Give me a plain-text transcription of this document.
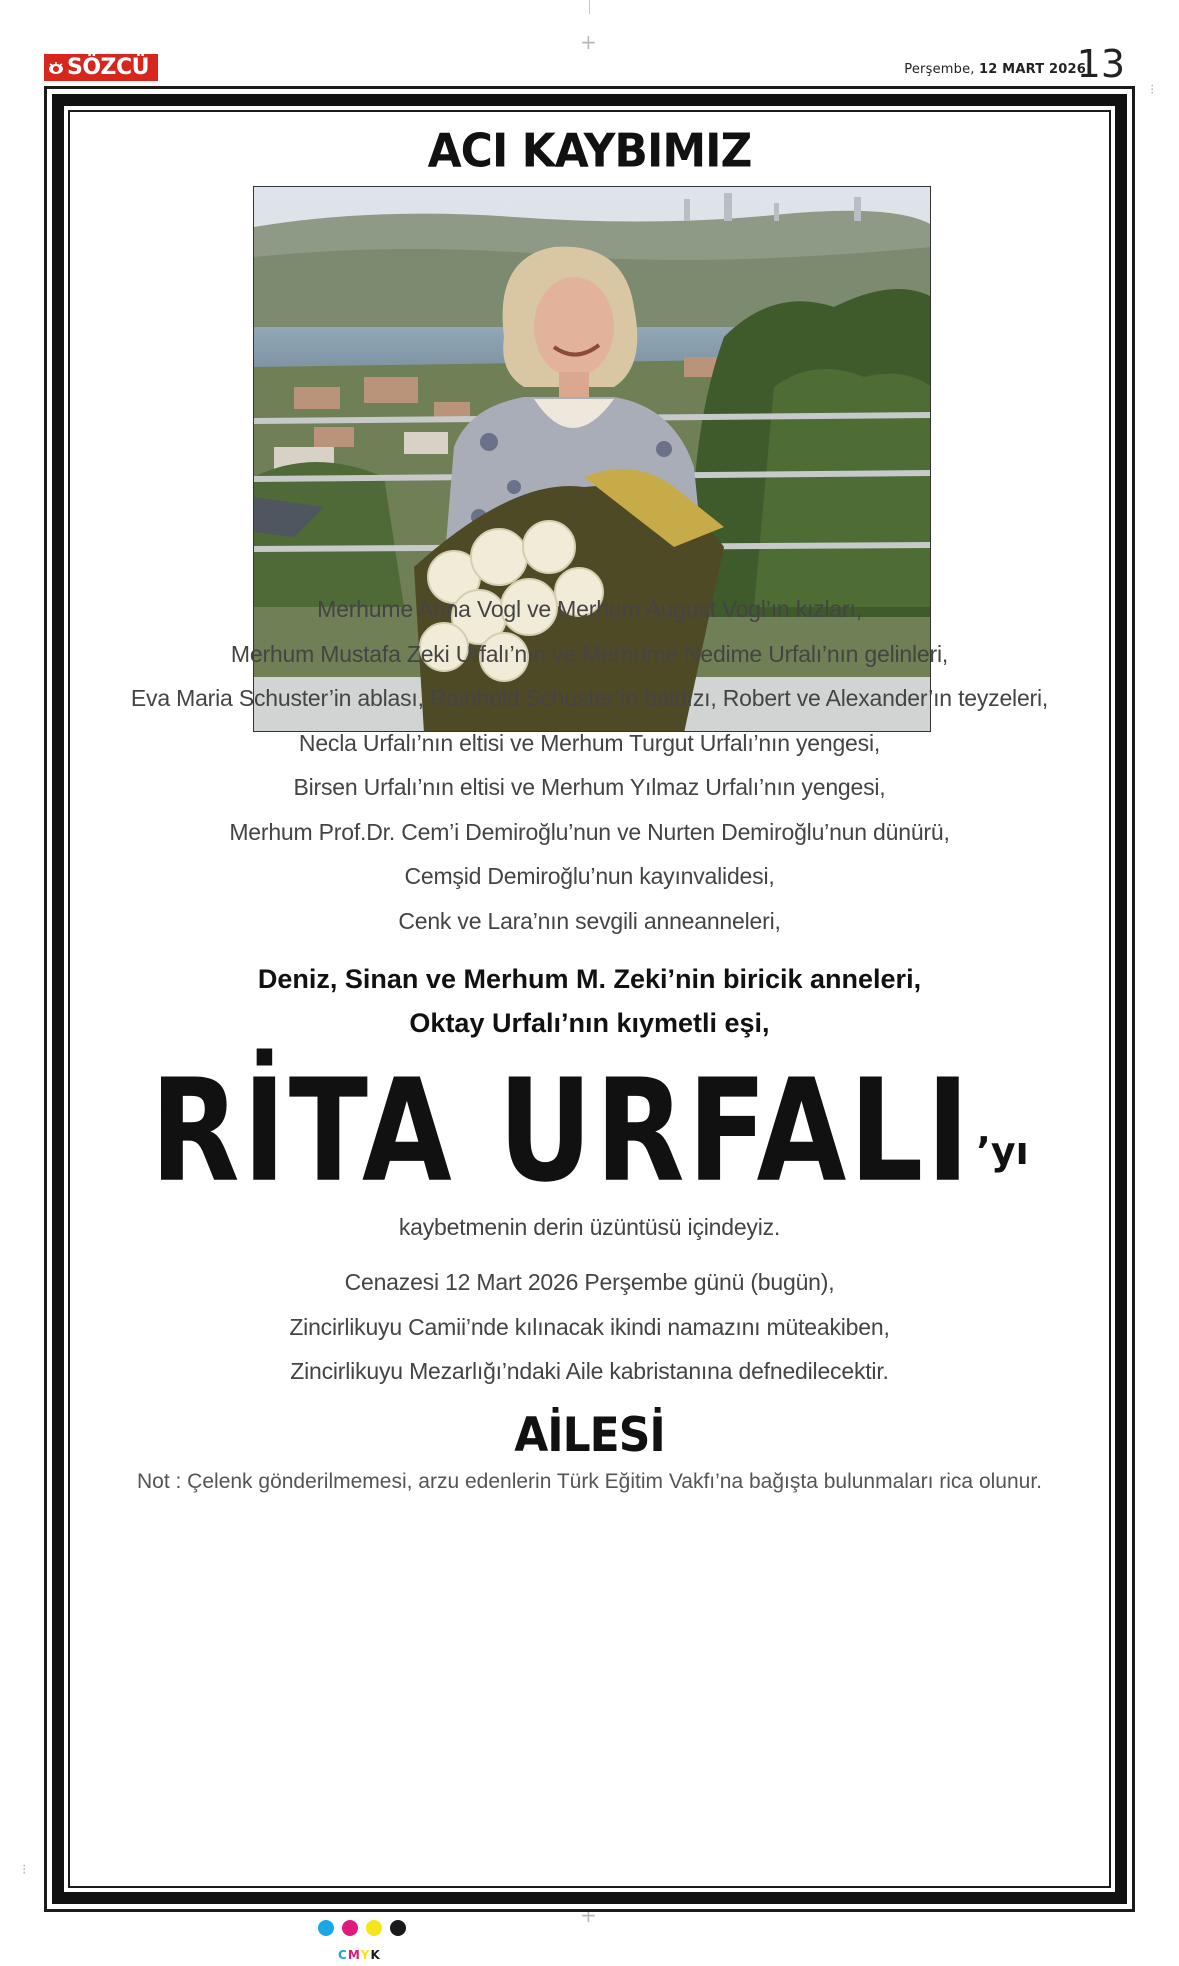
+
+
⁝
⁝
SÖZCÜ	Perşembe, 12 MART 2026
13
ACI KAYBIMIZ
Merhume Anna Vogl ve Merhum August Vogl’ın kızları,
Merhum Mustafa Zeki Urfalı’nın ve Merhume Nedime Urfalı’nın gelinleri,
Eva Maria Schuster’in ablası, Rainhold Schuster’in baldızı, Robert ve Alexander’ın teyzeleri,
Necla Urfalı’nın eltisi ve Merhum Turgut Urfalı’nın yengesi,
Birsen Urfalı’nın eltisi ve Merhum Yılmaz Urfalı’nın yengesi,
Merhum Prof.Dr. Cem’i Demiroğlu’nun ve Nurten Demiroğlu’nun dünürü,
Cemşid Demiroğlu’nun kayınvalidesi,
Cenk ve Lara’nın sevgili anneanneleri,
Deniz, Sinan ve Merhum M. Zeki’nin biricik anneleri,
Oktay Urfalı’nın kıymetli eşi,
RİTA URFALI ’yı
kaybetmenin derin üzüntüsü içindeyiz.
Cenazesi 12 Mart 2026 Perşembe günü (bugün),
Zincirlikuyu Camii’nde kılınacak ikindi namazını müteakiben,
Zincirlikuyu Mezarlığı’ndaki Aile kabristanına defnedilecektir.
AİLESİ
Not : Çelenk gönderilmemesi, arzu edenlerin Türk Eğitim Vakfı’na bağışta bulunmaları rica olunur.
CMYK
